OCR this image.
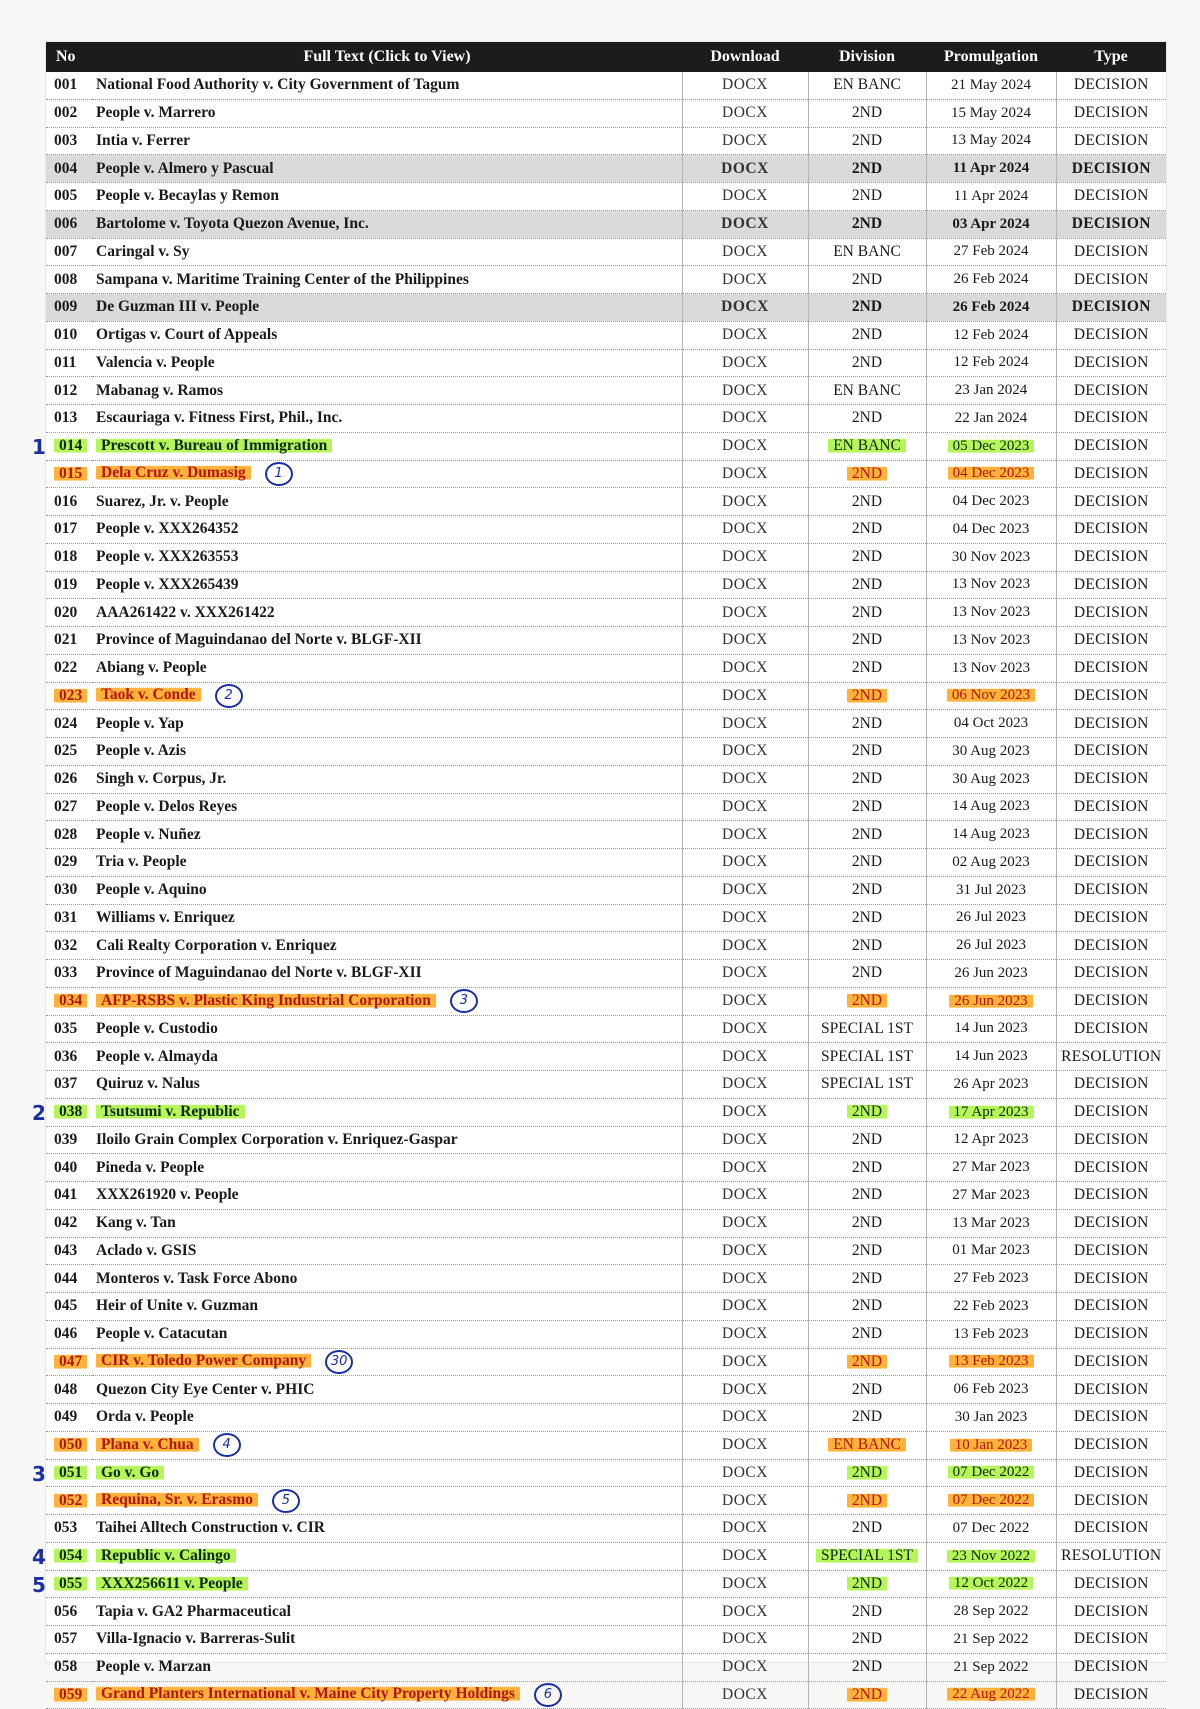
No	Full Text (Click to View)	Download	Division	Promulgation	Type
001	National Food Authority v. City Government of Tagum	DOCX	EN BANC	21 May 2024	DECISION
002	People v. Marrero	DOCX	2ND	15 May 2024	DECISION
003	Intia v. Ferrer	DOCX	2ND	13 May 2024	DECISION
004	People v. Almero y Pascual	DOCX	2ND	11 Apr 2024	DECISION
005	People v. Becaylas y Remon	DOCX	2ND	11 Apr 2024	DECISION
006	Bartolome v. Toyota Quezon Avenue, Inc.	DOCX	2ND	03 Apr 2024	DECISION
007	Caringal v. Sy	DOCX	EN BANC	27 Feb 2024	DECISION
008	Sampana v. Maritime Training Center of the Philippines	DOCX	2ND	26 Feb 2024	DECISION
009	De Guzman III v. People	DOCX	2ND	26 Feb 2024	DECISION
010	Ortigas v. Court of Appeals	DOCX	2ND	12 Feb 2024	DECISION
011	Valencia v. People	DOCX	2ND	12 Feb 2024	DECISION
012	Mabanag v. Ramos	DOCX	EN BANC	23 Jan 2024	DECISION
013	Escauriaga v. Fitness First, Phil., Inc.	DOCX	2ND	22 Jan 2024	DECISION

1 014	Prescott v. Bureau of Immigration	DOCX	EN BANC	05 Dec 2023	DECISION
015	Dela Cruz v. Dumasig 1	DOCX	2ND	04 Dec 2023	DECISION
016	Suarez, Jr. v. People	DOCX	2ND	04 Dec 2023	DECISION
017	People v. XXX264352	DOCX	2ND	04 Dec 2023	DECISION
018	People v. XXX263553	DOCX	2ND	30 Nov 2023	DECISION
019	People v. XXX265439	DOCX	2ND	13 Nov 2023	DECISION
020	AAA261422 v. XXX261422	DOCX	2ND	13 Nov 2023	DECISION
021	Province of Maguindanao del Norte v. BLGF-XII	DOCX	2ND	13 Nov 2023	DECISION
022	Abiang v. People	DOCX	2ND	13 Nov 2023	DECISION
023	Taok v. Conde 2	DOCX	2ND	06 Nov 2023	DECISION
024	People v. Yap	DOCX	2ND	04 Oct 2023	DECISION
025	People v. Azis	DOCX	2ND	30 Aug 2023	DECISION
026	Singh v. Corpus, Jr.	DOCX	2ND	30 Aug 2023	DECISION
027	People v. Delos Reyes	DOCX	2ND	14 Aug 2023	DECISION
028	People v. Nuñez	DOCX	2ND	14 Aug 2023	DECISION
029	Tria v. People	DOCX	2ND	02 Aug 2023	DECISION
030	People v. Aquino	DOCX	2ND	31 Jul 2023	DECISION
031	Williams v. Enriquez	DOCX	2ND	26 Jul 2023	DECISION
032	Cali Realty Corporation v. Enriquez	DOCX	2ND	26 Jul 2023	DECISION
033	Province of Maguindanao del Norte v. BLGF-XII	DOCX	2ND	26 Jun 2023	DECISION
034	AFP-RSBS v. Plastic King Industrial Corporation 3	DOCX	2ND	26 Jun 2023	DECISION
035	People v. Custodio	DOCX	SPECIAL 1ST	14 Jun 2023	DECISION
036	People v. Almayda	DOCX	SPECIAL 1ST	14 Jun 2023	RESOLUTION
037	Quiruz v. Nalus	DOCX	SPECIAL 1ST	26 Apr 2023	DECISION

2 038	Tsutsumi v. Republic	DOCX	2ND	17 Apr 2023	DECISION
039	Iloilo Grain Complex Corporation v. Enriquez-Gaspar	DOCX	2ND	12 Apr 2023	DECISION
040	Pineda v. People	DOCX	2ND	27 Mar 2023	DECISION
041	XXX261920 v. People	DOCX	2ND	27 Mar 2023	DECISION
042	Kang v. Tan	DOCX	2ND	13 Mar 2023	DECISION
043	Aclado v. GSIS	DOCX	2ND	01 Mar 2023	DECISION
044	Monteros v. Task Force Abono	DOCX	2ND	27 Feb 2023	DECISION
045	Heir of Unite v. Guzman	DOCX	2ND	22 Feb 2023	DECISION
046	People v. Catacutan	DOCX	2ND	13 Feb 2023	DECISION
047	CIR v. Toledo Power Company 30	DOCX	2ND	13 Feb 2023	DECISION
048	Quezon City Eye Center v. PHIC	DOCX	2ND	06 Feb 2023	DECISION
049	Orda v. People	DOCX	2ND	30 Jan 2023	DECISION
050	Plana v. Chua 4	DOCX	EN BANC	10 Jan 2023	DECISION

3 051	Go v. Go	DOCX	2ND	07 Dec 2022	DECISION
052	Requina, Sr. v. Erasmo 5	DOCX	2ND	07 Dec 2022	DECISION
053	Taihei Alltech Construction v. CIR	DOCX	2ND	07 Dec 2022	DECISION

4 054	Republic v. Calingo	DOCX	SPECIAL 1ST	23 Nov 2022	RESOLUTION

5 055	XXX256611 v. People	DOCX	2ND	12 Oct 2022	DECISION
056	Tapia v. GA2 Pharmaceutical	DOCX	2ND	28 Sep 2022	DECISION
057	Villa-Ignacio v. Barreras-Sulit	DOCX	2ND	21 Sep 2022	DECISION
058	People v. Marzan	DOCX	2ND	21 Sep 2022	DECISION
059	Grand Planters International v. Maine City Property Holdings 6	DOCX	2ND	22 Aug 2022	DECISION
